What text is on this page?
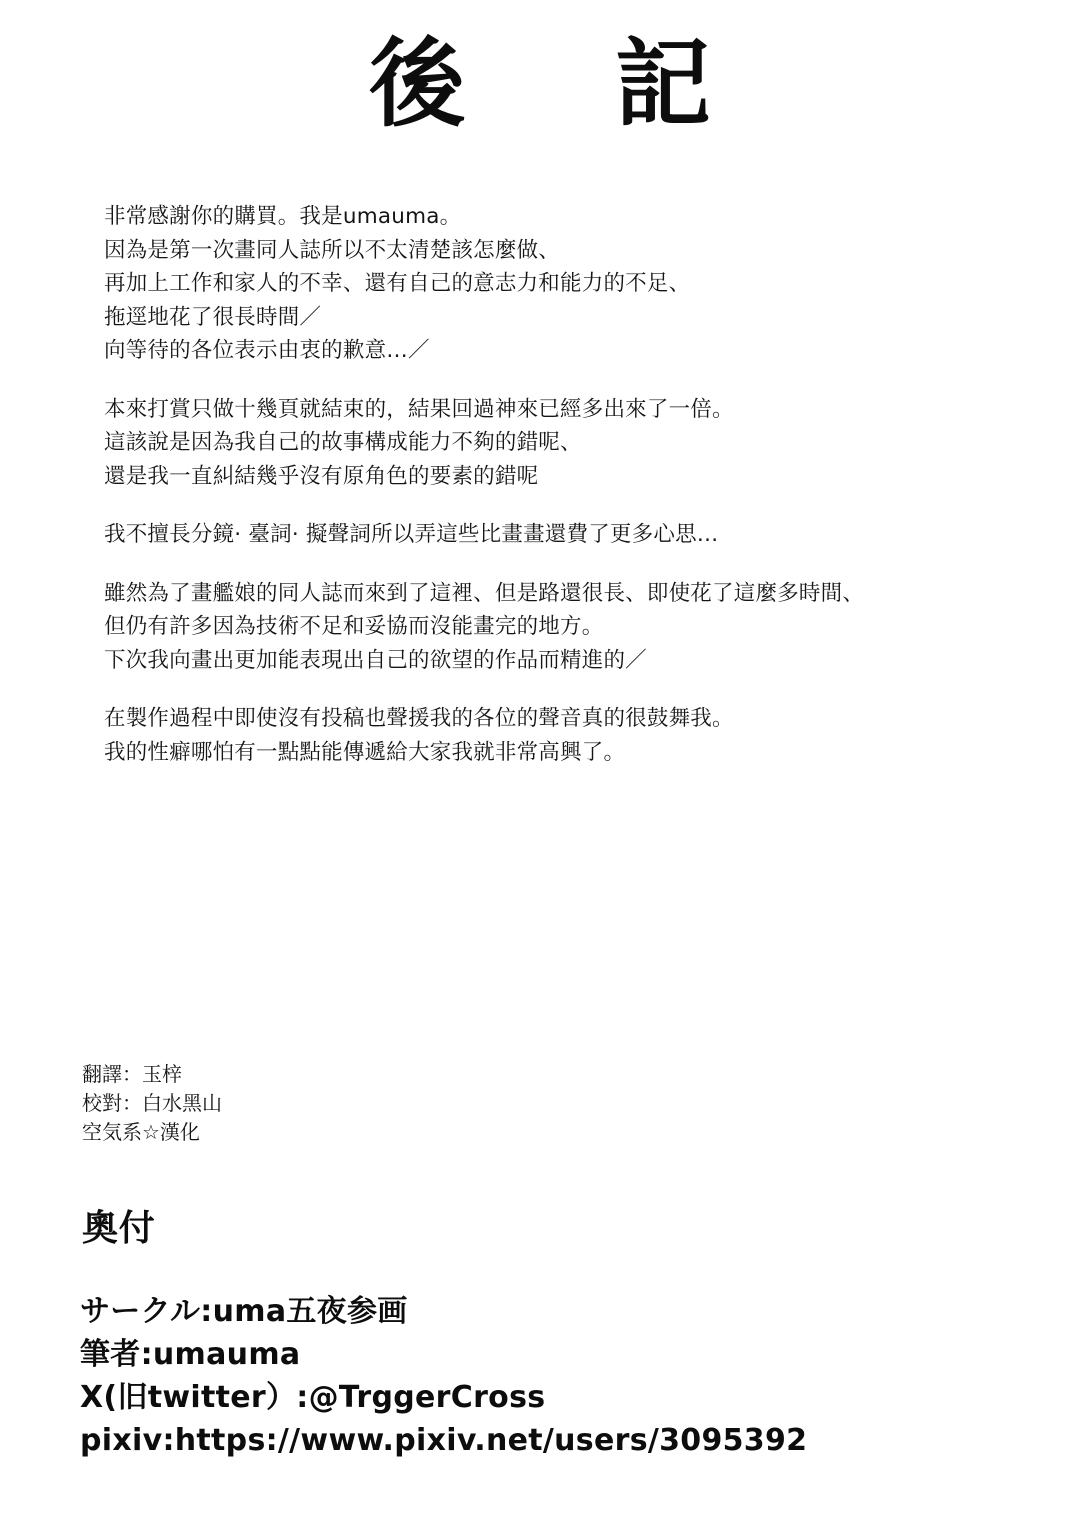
後　記

非常感謝你的購買。我是umauma。
因為是第一次畫同人誌所以不太清楚該怎麼做、
再加上工作和家人的不幸、還有自己的意志力和能力的不足、
拖逕地花了很長時間／
向等待的各位表示由衷的歉意…／

本來打賞只做十幾頁就結束的，結果回過神來已經多出來了一倍。
這該說是因為我自己的故事構成能力不夠的錯呢、
還是我一直糾結幾乎沒有原角色的要素的錯呢

我不擅長分鏡· 臺詞· 擬聲詞所以弄這些比畫畫還費了更多心思…

雖然為了畫艦娘的同人誌而來到了這裡、但是路還很長、即使花了這麼多時間、
但仍有許多因為技術不足和妥協而沒能畫完的地方。
下次我向畫出更加能表現出自己的欲望的作品而精進的／

在製作過程中即使沒有投稿也聲援我的各位的聲音真的很鼓舞我。
我的性癖哪怕有一點點能傳遞給大家我就非常高興了。

翻譯：玉梓
校對：白水黑山
空気系☆漢化
奧付
サークル:uma五夜参画
筆者:umauma
X(旧twitter）:@TrggerCross
pixiv:https://www.pixiv.net/users/3095392
